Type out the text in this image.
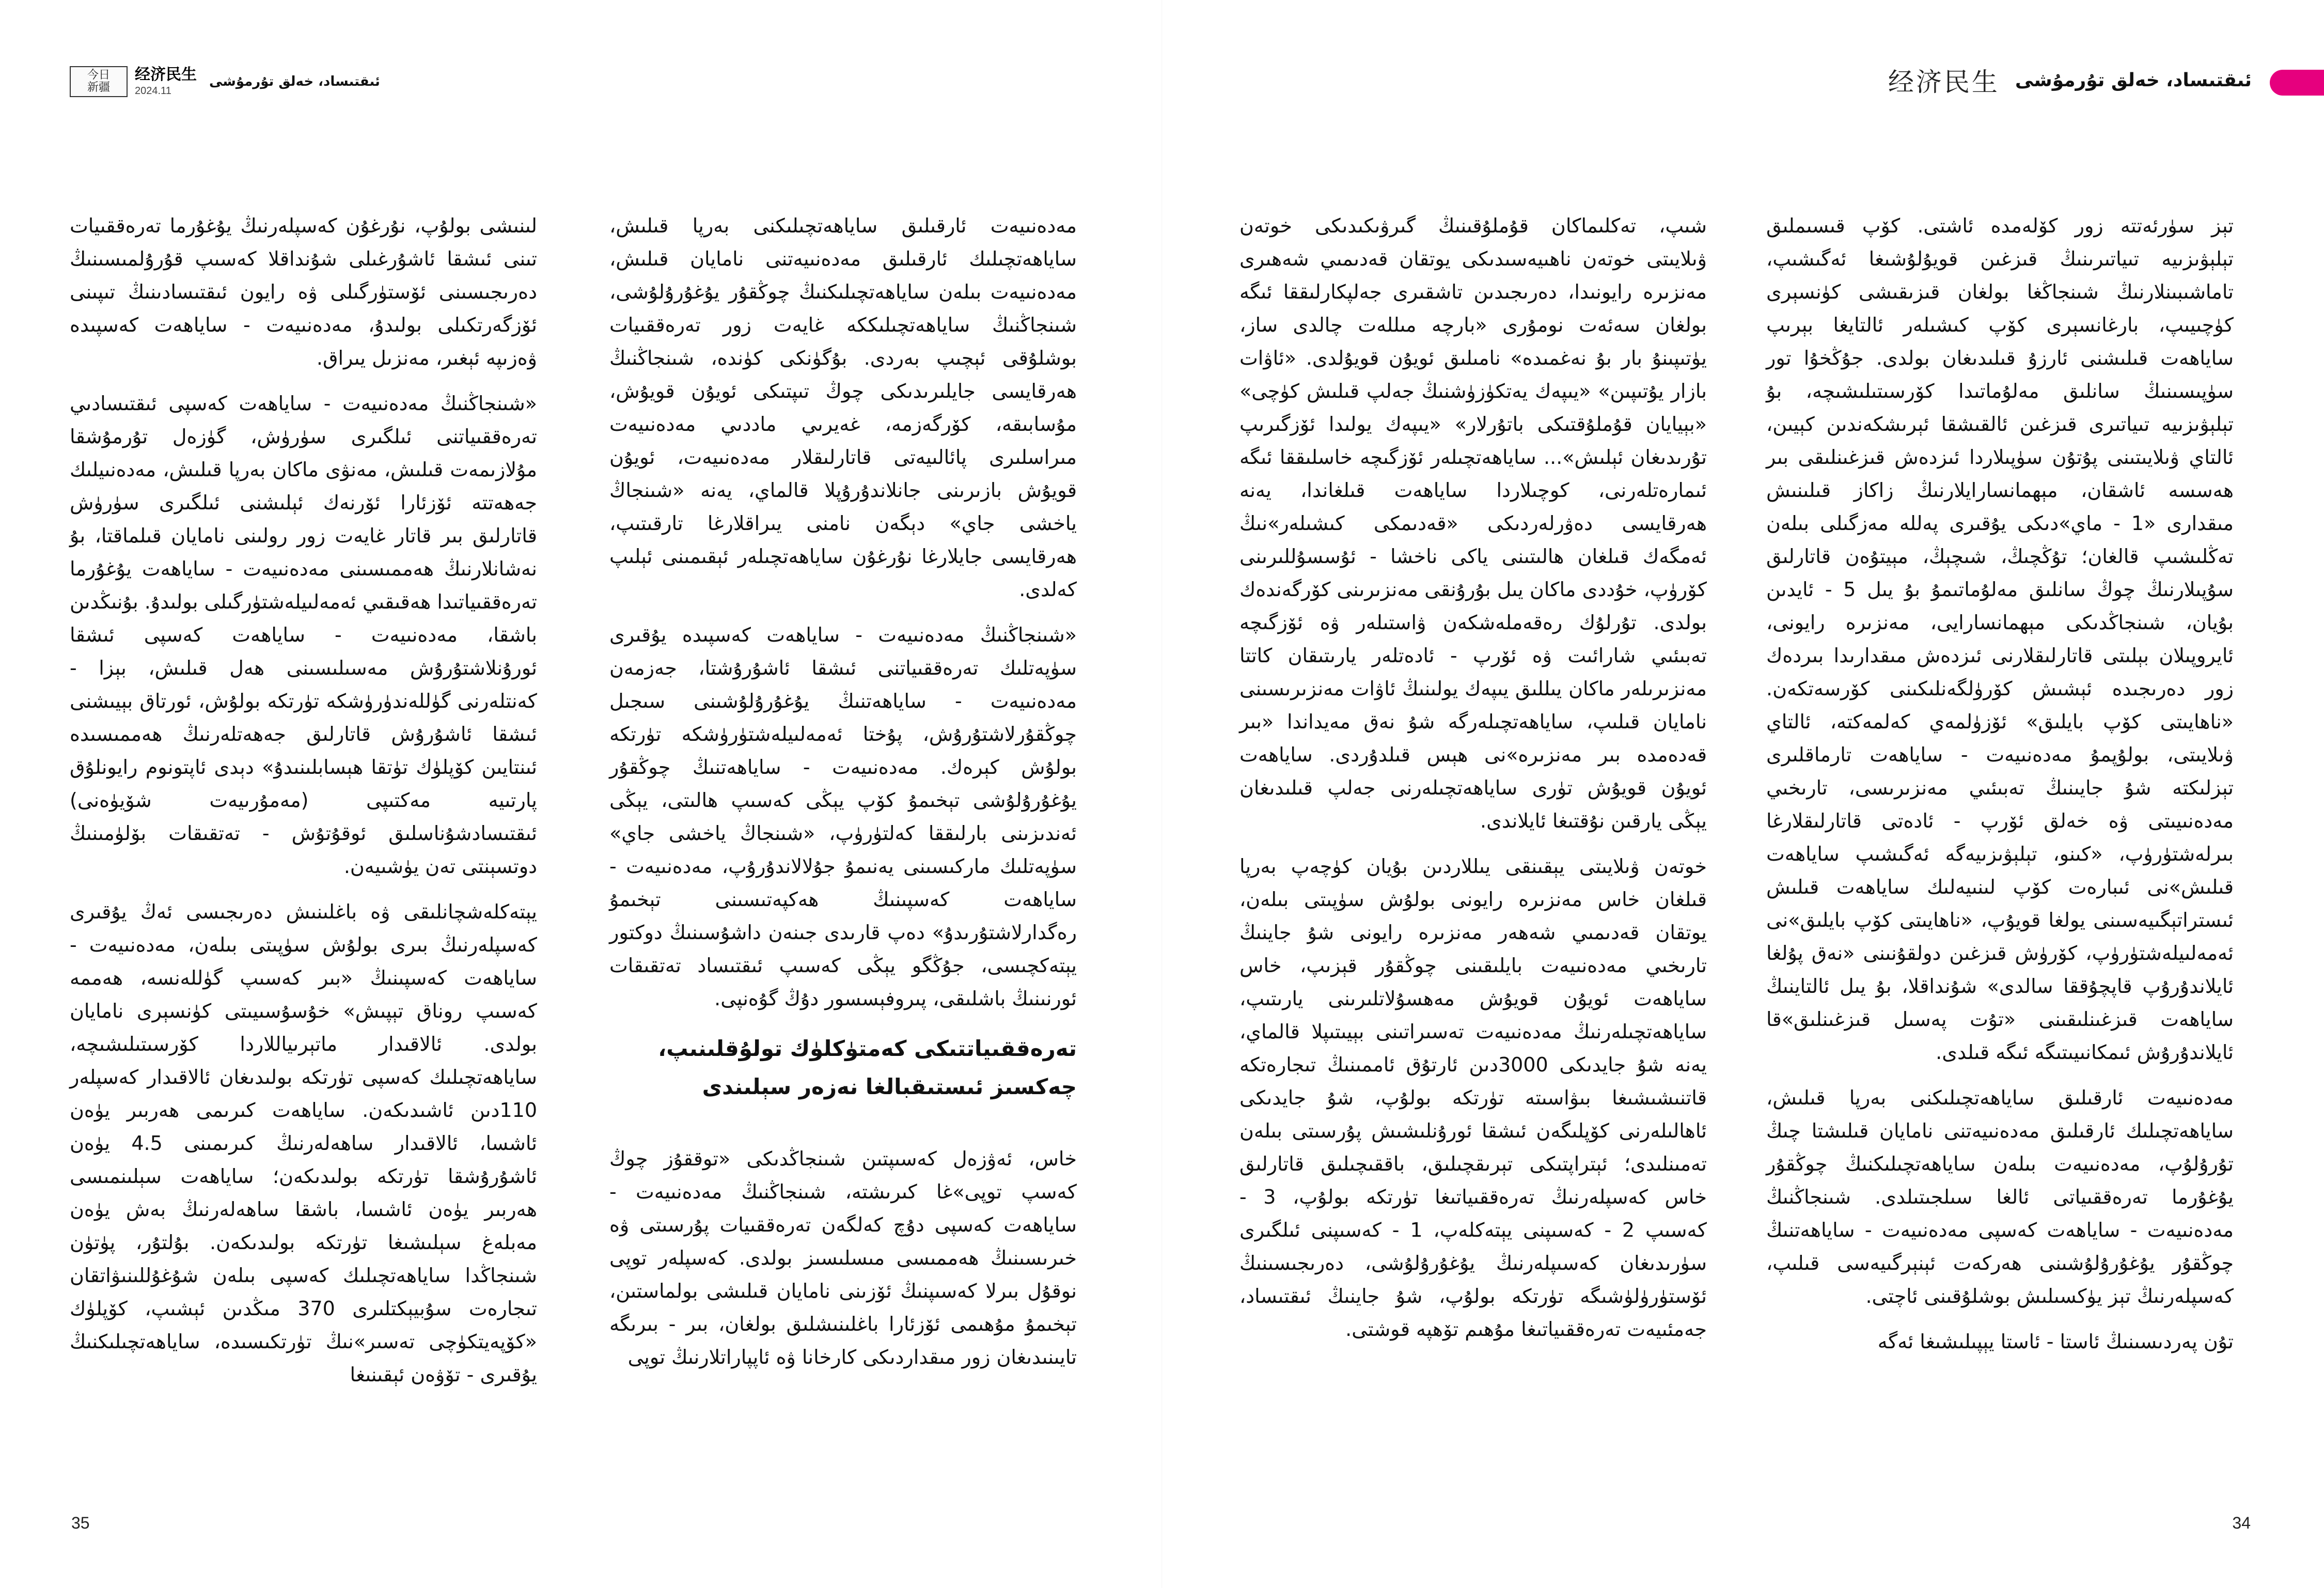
今日
新疆
经济民生
2024.11
ئىقتىساد، خەلق تۇرمۇشى	经济民生 ئىقتىساد، خەلق تۇرمۇشى

تېز سۈرئەتتە زور كۆلەمدە ئاشتى. كۆپ قىسىملىق تېلېۋىزىيە تىياتىرىنىڭ قىزغىن قويۇلۇشىغا ئەگىشىپ، تاماشىبىنلارنىڭ شىنجاڭغا بولغان قىزىقىشى كۈنسېرى كۈچىيىپ، بارغانسېرى كۆپ كىشىلەر ئالتايغا بېرىپ ساياھەت قىلىشنى ئارزۇ قىلىدىغان بولدى. جۇڭخۇا تور سۈپىسىنىڭ سانلىق مەلۇماتىدا كۆرسىتىلىشىچە، بۇ تېلېۋىزىيە تىياتىرى قىزغىن ئالقىشقا ئېرىشكەندىن كېيىن، ئالتاي ۋىلايىتىنى پۇتۇن سۈپىلاردا ئىزدەش قىزغىنلىقى بىر ھەسسە ئاشقان، مېھمانسارايلارنىڭ زاكاز قىلىنىش مىقدارى «1 - ماي»دىكى يۇقىرى پەللە مەزگىلى بىلەن تەڭلىشىپ قالغان؛ تۇڭچىڭ، شىچېڭ، مېيتۇەن قاتارلىق سۇپىلارنىڭ چوڭ سانلىق مەلۇماتىمۇ بۇ يىل 5 - ئايدىن بۇيان، شىنجاڭدىكى مېھمانسارايى، مەنزىرە رايونى، ئايروپىلان بېلىتى قاتارلىقلارنى ئىزدەش مىقدارىدا بىردەك زور دەرىجىدە ئېشىش كۆرۈلگەنلىكىنى كۆرسەتكەن. «ناھايىتى كۆپ بايلىق» ئۆزۈلمەي كەلمەكتە، ئالتاي ۋىلايىتى، بولۇپمۇ مەدەنىيەت - ساياھەت تارماقلىرى تېزلىكتە شۇ جايىنىڭ تەبىئىي مەنزىرىسى، تارىخىي مەدەنىيىتى ۋە خەلق ئۆرپ - ئادەتى قاتارلىقلارغا بىرلەشتۈرۈپ، «كىنو، تېلېۋىزىيەگە ئەگىشىپ ساياھەت قىلىش»نى ئىبارەت كۆپ لىنىيەلىك ساياھەت قىلىش ئىستراتېگىيەسىنى يولغا قويۇپ، «ناھايىتى كۆپ بايلىق»نى ئەمەلىيلەشتۈرۈپ، كۆرۈش قىزغىن دولقۇنىنى «نەق پۇلغا ئايلاندۇرۇپ قاپچۇققا سالدى» شۇنداقلا، بۇ يىل ئالتاينىڭ ساياھەت قىزغىنلىقىنى «تۇت پەسىل قىزغىنلىق»قا ئايلاندۇرۇش ئىمكانىيىتىگە ئىگە قىلدى.

مەدەنىيەت ئارقىلىق ساياھەتچىلىكنى بەرپا قىلىش، ساياھەتچىلىك ئارقىلىق مەدەنىيەتنى نامايان قىلىشتا چىڭ تۇرۇلۇپ، مەدەنىيەت بىلەن ساياھەتچىلىكنىڭ چوڭقۇر يۇغۇرما تەرەققىياتى ئالغا سىلجىتىلدى. شىنجاڭنىڭ مەدەنىيەت - ساياھەت كەسپى مەدەنىيەت - ساياھەتنىڭ چوڭقۇر يۇغۇرۇلۇشىنى ھەركەت ئېنېرگىيەسى قىلىپ، كەسپلەرنىڭ تېز يۈكسىلىش بوشلۇقىنى ئاچتى.

تۇن پەردىسىنىڭ ئاستا - ئاستا يېپىلىشىغا ئەگە

شىپ، تەكلىماكان قۇملۇقىنىڭ گىرۋىكىدىكى خوتەن ۋىلايىتى خوتەن ناھىيەسىدىكى يوتقان قەدىمىي شەھىرى مەنزىرە رايونىدا، دەرىجىدىن تاشقىرى جەلپكارلىققا ئىگە بولغان سەئەت نومۇرى «بارچە مىللەت چالدى ساز، يۈتىپىنۇ بار بۇ نەغمىدە» نامىلىق ئويۇن قويۇلدى. «ئاۋات بازار يۇتىپىن» «يىپەك يەتكۈزۈشنىڭ جەلپ قىلىش كۈچى» «بېيايان قۇملۇقتىكى باتۇرلار» «يىپەك يولىدا ئۆزگىرىپ تۇرىدىغان ئېلىش»... ساياھەتچىلەر ئۆزگىچە خاسلىققا ئىگە ئىمارەتلەرنى، كوچىلاردا ساياھەت قىلغاندا، يەنە ھەرقايسى دەۋرلەردىكى «قەدىمكى كىشىلەر»نىڭ ئەمگەك قىلغان ھالىتىنى ياكى ناخشا - ئۇسسۇللىرىنى كۆرۈپ، خۇددى ماكان يىل بۇرۇنقى مەنزىرىنى كۆرگەندەك بولدى. تۇرلۇك رەقەملەشكەن ۋاستىلەر ۋە ئۆزگىچە تەبىئىي شارائىت ۋە ئۆرپ - ئادەتلەر يارىتىقان كاتتا مەنزىرىلەر ماكان يىللىق يىپەك يولىنىڭ ئاۋات مەنزىرىسىنى نامايان قىلىپ، ساياھەتچىلەرگە شۇ نەق مەيداندا «بىر قەدەمدە بىر مەنزىرە»نى ھېس قىلدۇردى. ساياھەت ئويۇن قويۇش تۈرى ساياھەتچىلەرنى جەلپ قىلىدىغان يېڭى يارقىن نۇقتىغا ئايلاندى.

خوتەن ۋىلايىتى يېقىنقى يىللاردىن بۇيان كۈچەپ بەرپا قىلغان خاس مەنزىرە رايونى بولۇش سۈپىتى بىلەن، يوتقان قەدىمىي شەھەر مەنزىرە رايونى شۇ جاينىڭ تارىخىي مەدەنىيەت بايلىقىنى چوڭقۇر قېزىپ، خاس ساياھەت ئويۇن قويۇش مەھسۇلاتلىرىنى يارىتىپ، ساياھەتچىلەرنىڭ مەدەنىيەت تەسىراتىنى بېيىتىپلا قالماي، يەنە شۇ جايدىكى 3000دىن ئارتۇق ئاممىنىڭ تىجارەتكە قاتنىشىشىغا بىۋاسىتە تۈرتكە بولۇپ، شۇ جايدىكى ئاھالىلەرنى كۆپلىگەن ئىشقا ئورۇنلىشىش پۇرسىتى بىلەن تەمىنلىدى؛ ئېتراپتىكى تېرىقچىلىق، باققىچىلىق قاتارلىق خاس كەسپلەرنىڭ تەرەققىياتىغا تۈرتكە بولۇپ، 3 - كەسىپ 2 - كەسىپنى يېتەكلەپ، 1 - كەسىپنى ئىلگىرى سۈرىدىغان كەسىپلەرنىڭ يۇغۇرۇلۇشى، دەرىجىسىنىڭ ئۆستۈرۈلۈشىگە تۈرتكە بولۇپ، شۇ جاينىڭ ئىقتىساد، جەمئىيەت تەرەققىياتىغا مۇھىم تۆھپە قوشتى.

مەدەنىيەت ئارقىلىق ساياھەتچىلىكنى بەرپا قىلىش، ساياھەتچىلىك ئارقىلىق مەدەنىيەتنى نامايان قىلىش، مەدەنىيەت بىلەن ساياھەتچىلىكنىڭ چوڭقۇر يۇغۇرۇلۇشى، شىنجاڭنىڭ ساياھەتچىلىككە غايەت زور تەرەققىيات بوشلۇقى ئېچىپ بەردى. بۇگۈنكى كۈندە، شىنجاڭنىڭ ھەرقايسى جايلىرىدىكى چوڭ تىپتىكى ئويۇن قويۇش، مۇسابىقە، كۆرگەزمە، غەيرىي ماددىي مەدەنىيەت مىراسلىرى پائالىيەتى قاتارلىقلار مەدەنىيەت، ئويۇن قويۇش بازىرىنى جانلاندۇرۇپلا قالماي، يەنە «شىنجاڭ ياخشى جاي» دېگەن نامنى يىراقلارغا تارقىتىپ، ھەرقايسى جايلارغا نۇرغۇن ساياھەتچىلەر ئېقىمىنى ئېلىپ كەلدى.

«شىنجاڭنىڭ مەدەنىيەت - ساياھەت كەسپىدە يۇقىرى سۈپەتلىك تەرەققىياتنى ئىشقا ئاشۇرۇشتا، جەزمەن مەدەنىيەت - ساياھەتنىڭ يۇغۇرۇلۇشىنى سىجىل چوڭقۇرلاشتۇرۇش، پۇختا ئەمەلىيلەشتۈرۈشكە تۈرتكە بولۇش كېرەك. مەدەنىيەت - ساياھەتنىڭ چوڭقۇر يۇغۇرۇلۇشى تېخىمۇ كۆپ يېڭى كەسىپ ھالىتى، يېڭى ئەندىزىنى بارلىققا كەلتۈرۈپ، «شىنجاڭ ياخشى جاي» سۈپەتلىك ماركىسىنى يەنىمۇ جۇلالاندۇرۇپ، مەدەنىيەت - ساياھەت كەسپىنىڭ ھەكپەتىسىنى تېخىمۇ رەگدارلاشتۇرىدۇ» دەپ قارىدى جىنەن داشۇسىنىڭ دوكتور يېتەكچىسى، جۇڭگو يېڭى كەسىپ ئىقتىساد تەتقىقات ئورنىنىڭ باشلىقى، پىروفېسسور دۇڭ گۇەنپى.

تەرەققىياتتىكى كەمتۈكلۈك تولۇقلىنىپ، چەكسىز ئىستىقبالغا نەزەر سېلىندى

خاس، ئەۋزەل كەسىپتىن شىنجاڭدىكى «توققۇز چوڭ كەسپ توپى»غا كىرىشتە، شىنجاڭنىڭ مەدەنىيەت - ساياھەت كەسپى دۇچ كەلگەن تەرەققىيات پۇرسىتى ۋە خىرىسىنىڭ ھەممىسى مىسلىسىز بولدى. كەسپلەر توپى نوقۇل بىرلا كەسىپنىڭ ئۆزىنى نامايان قىلىشى بولماستىن، تېخىمۇ مۇھىمى ئۆزئارا باغلىنىشلىق بولغان، بىر - بىرىگە تايىنىدىغان زور مىقداردىكى كارخانا ۋە ئاپپاراتلارنىڭ توپى

لىنىشى بولۇپ، نۇرغۇن كەسپلەرنىڭ يۇغۇرما تەرەققىيات تىنى ئىشقا ئاشۇرغىلى شۇنداقلا كەسىپ قۇرۇلمىسىنىڭ دەرىجىسىنى ئۆستۈرگىلى ۋە رايون ئىقتىسادىنىڭ تىپىنى ئۆزگەرتكىلى بولىدۇ، مەدەنىيەت - ساياھەت كەسپىدە ۋەزىپە ئېغىر، مەنزىل يىراق.

«شىنجاڭنىڭ مەدەنىيەت - ساياھەت كەسپى ئىقتىسادىي تەرەققىياتنى ئىلگىرى سۈرۈش، گۈزەل تۇرمۇشقا مۇلازىمەت قىلىش، مەنۋى ماكان بەرپا قىلىش، مەدەنىيلىك جەھەتتە ئۆزئارا ئۆرنەك ئېلىشنى ئىلگىرى سۈرۈش قاتارلىق بىر قاتار غايەت زور رولىنى نامايان قىلماقتا، بۇ نەشانلارنىڭ ھەممىسىنى مەدەنىيەت - ساياھەت يۇغۇرما تەرەققىياتىدا ھەقىقىي ئەمەلىيلەشتۈرگىلى بولىدۇ. بۇنىڭدىن باشقا، مەدەنىيەت - ساياھەت كەسپى ئىشقا ئورۇنلاشتۇرۇش مەسىلىسىنى ھەل قىلىش، بېزا - كەنتلەرنى گۈللەندۈرۈشكە تۈرتكە بولۇش، ئورتاق بېيىشنى ئىشقا ئاشۇرۇش قاتارلىق جەھەتلەرنىڭ ھەممىسىدە ئىنتايىن كۆپلۈك تۈتقا ھېسابلىنىدۇ» دېدى ئاپتونوم رايونلۇق پارتىيە مەكتىپى (مەمۇرىيەت شۆيۈەنى) ئىقتىسادشۇناسلىق ئوقۇتۇش - تەتقىقات بۆلۈمىنىڭ دوتسېنتى تەن يۈشىيەن.

يېتەكلەشچانلىقى ۋە باغلىنىش دەرىجىسى ئەڭ يۇقىرى كەسپلەرنىڭ بىرى بولۇش سۈپىتى بىلەن، مەدەنىيەت - ساياھەت كەسپىنىڭ «بىر كەسىپ گۈللەنسە، ھەممە كەسىپ روناق تېپىش» خۇسۇسىيىتى كۈنسېرى نامايان بولدى. ئالاقىدار ماتېرىياللاردا كۆرسىتىلىشىچە، ساياھەتچىلىك كەسپى تۈرتكە بولىدىغان ئالاقىدار كەسپلەر 110دىن ئاشىدىكەن. ساياھەت كىرىمى ھەربىر يۈەن ئاشسا، ئالاقىدار ساھەلەرنىڭ كىرىمىنى 4.5 يۈەن ئاشۇرۇشقا تۈرتكە بولىدىكەن؛ ساياھەت سېلىنمىسى ھەربىر يۈەن ئاشسا، باشقا ساھەلەرنىڭ بەش يۈەن مەبلەغ سېلىشىغا تۈرتكە بولىدىكەن. بۇلتۇر، پۈتۈن شىنجاڭدا ساياھەتچىلىك كەسپى بىلەن شۇغۇللىنىۋاتقان تىجارەت سۇبيېكتلىرى 370 مىڭدىن ئېشىپ، كۆپلۈك «كۆپەيتكۈچى تەسىر»نىڭ تۈرتكىسىدە، ساياھەتچىلىكنىڭ يۇقىرى - تۆۋەن ئېقىنىغا

35	34
